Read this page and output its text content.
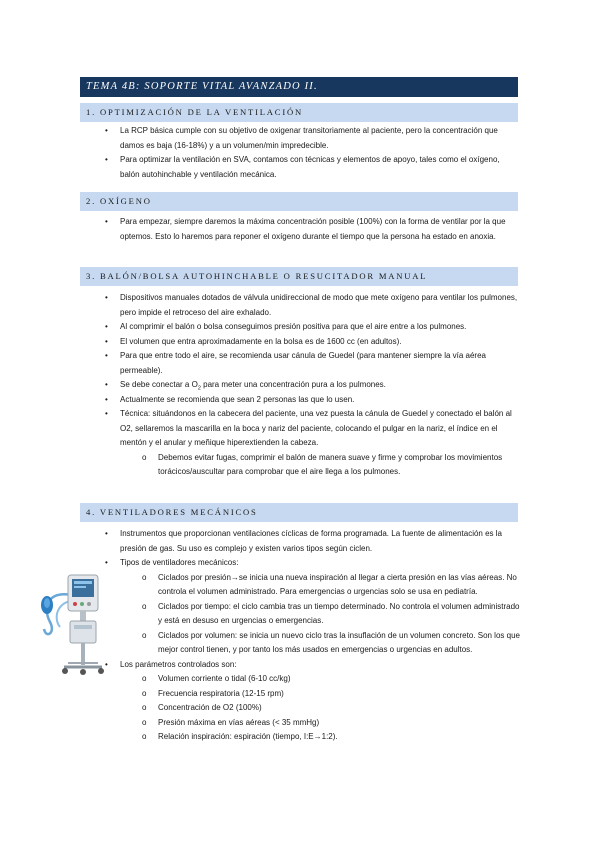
TEMA 4B: SOPORTE VITAL AVANZADO II.
1. OPTIMIZACIÓN DE LA VENTILACIÓN
• La RCP básica cumple con su objetivo de oxigenar transitoriamente al paciente, pero la concentración que damos es baja (16-18%) y a un volumen/min impredecible.
• Para optimizar la ventilación en SVA, contamos con técnicas y elementos de apoyo, tales como el oxígeno, balón autohinchable y ventilación mecánica.
2. OXÍGENO
• Para empezar, siempre daremos la máxima concentración posible (100%) con la forma de ventilar por la que optemos. Esto lo haremos para reponer el oxígeno durante el tiempo que la persona ha estado en anoxia.
3. BALÓN/BOLSA AUTOHINCHABLE O RESUCITADOR MANUAL
• Dispositivos manuales dotados de válvula unidireccional de modo que mete oxígeno para ventilar los pulmones, pero impide el retroceso del aire exhalado.
• Al comprimir el balón o bolsa conseguimos presión positiva para que el aire entre a los pulmones.
• El volumen que entra aproximadamente en la bolsa es de 1600 cc (en adultos).
• Para que entre todo el aire, se recomienda usar cánula de Guedel (para mantener siempre la vía aérea permeable).
• Se debe conectar a $O_2$ para meter una concentración pura a los pulmones.
• Actualmente se recomienda que sean 2 personas las que lo usen.
• Técnica: situándonos en la cabecera del paciente, una vez puesta la cánula de Guedel y conectado el balón al O2, sellaremos la mascarilla en la boca y nariz del paciente, colocando el pulgar en la nariz, el índice en el mentón y el anular y meñique hiperextienden la cabeza.
o Debemos evitar fugas, comprimir el balón de manera suave y firme y comprobar los movimientos torácicos/auscultar para comprobar que el aire llega a los pulmones.
4. VENTILADORES MECÁNICOS
• Instrumentos que proporcionan ventilaciones cíclicas de forma programada. La fuente de alimentación es la presión de gas. Su uso es complejo y existen varios tipos según ciclen.
• Tipos de ventiladores mecánicos:
o Ciclados por presión→se inicia una nueva inspiración al llegar a cierta presión en las vías aéreas. No controla el volumen administrado. Para emergencias o urgencias solo se usa en pediatría.
o Ciclados por tiempo: el ciclo cambia tras un tiempo determinado. No controla el volumen administrado y está en desuso en urgencias o emergencias.
o Ciclados por volumen: se inicia un nuevo ciclo tras la insuflación de un volumen concreto. Son los que mejor control tienen, y por tanto los más usados en emergencias o urgencias en adultos.
• Los parámetros controlados son:
o Volumen corriente o tidal (6-10 cc/kg)
o Frecuencia respiratoria (12-15 rpm)
o Concentración de O2 (100%)
o Presión máxima en vías aéreas (< 35 mmHg)
o Relación inspiración: espiración (tiempo, I:E→1:2).
